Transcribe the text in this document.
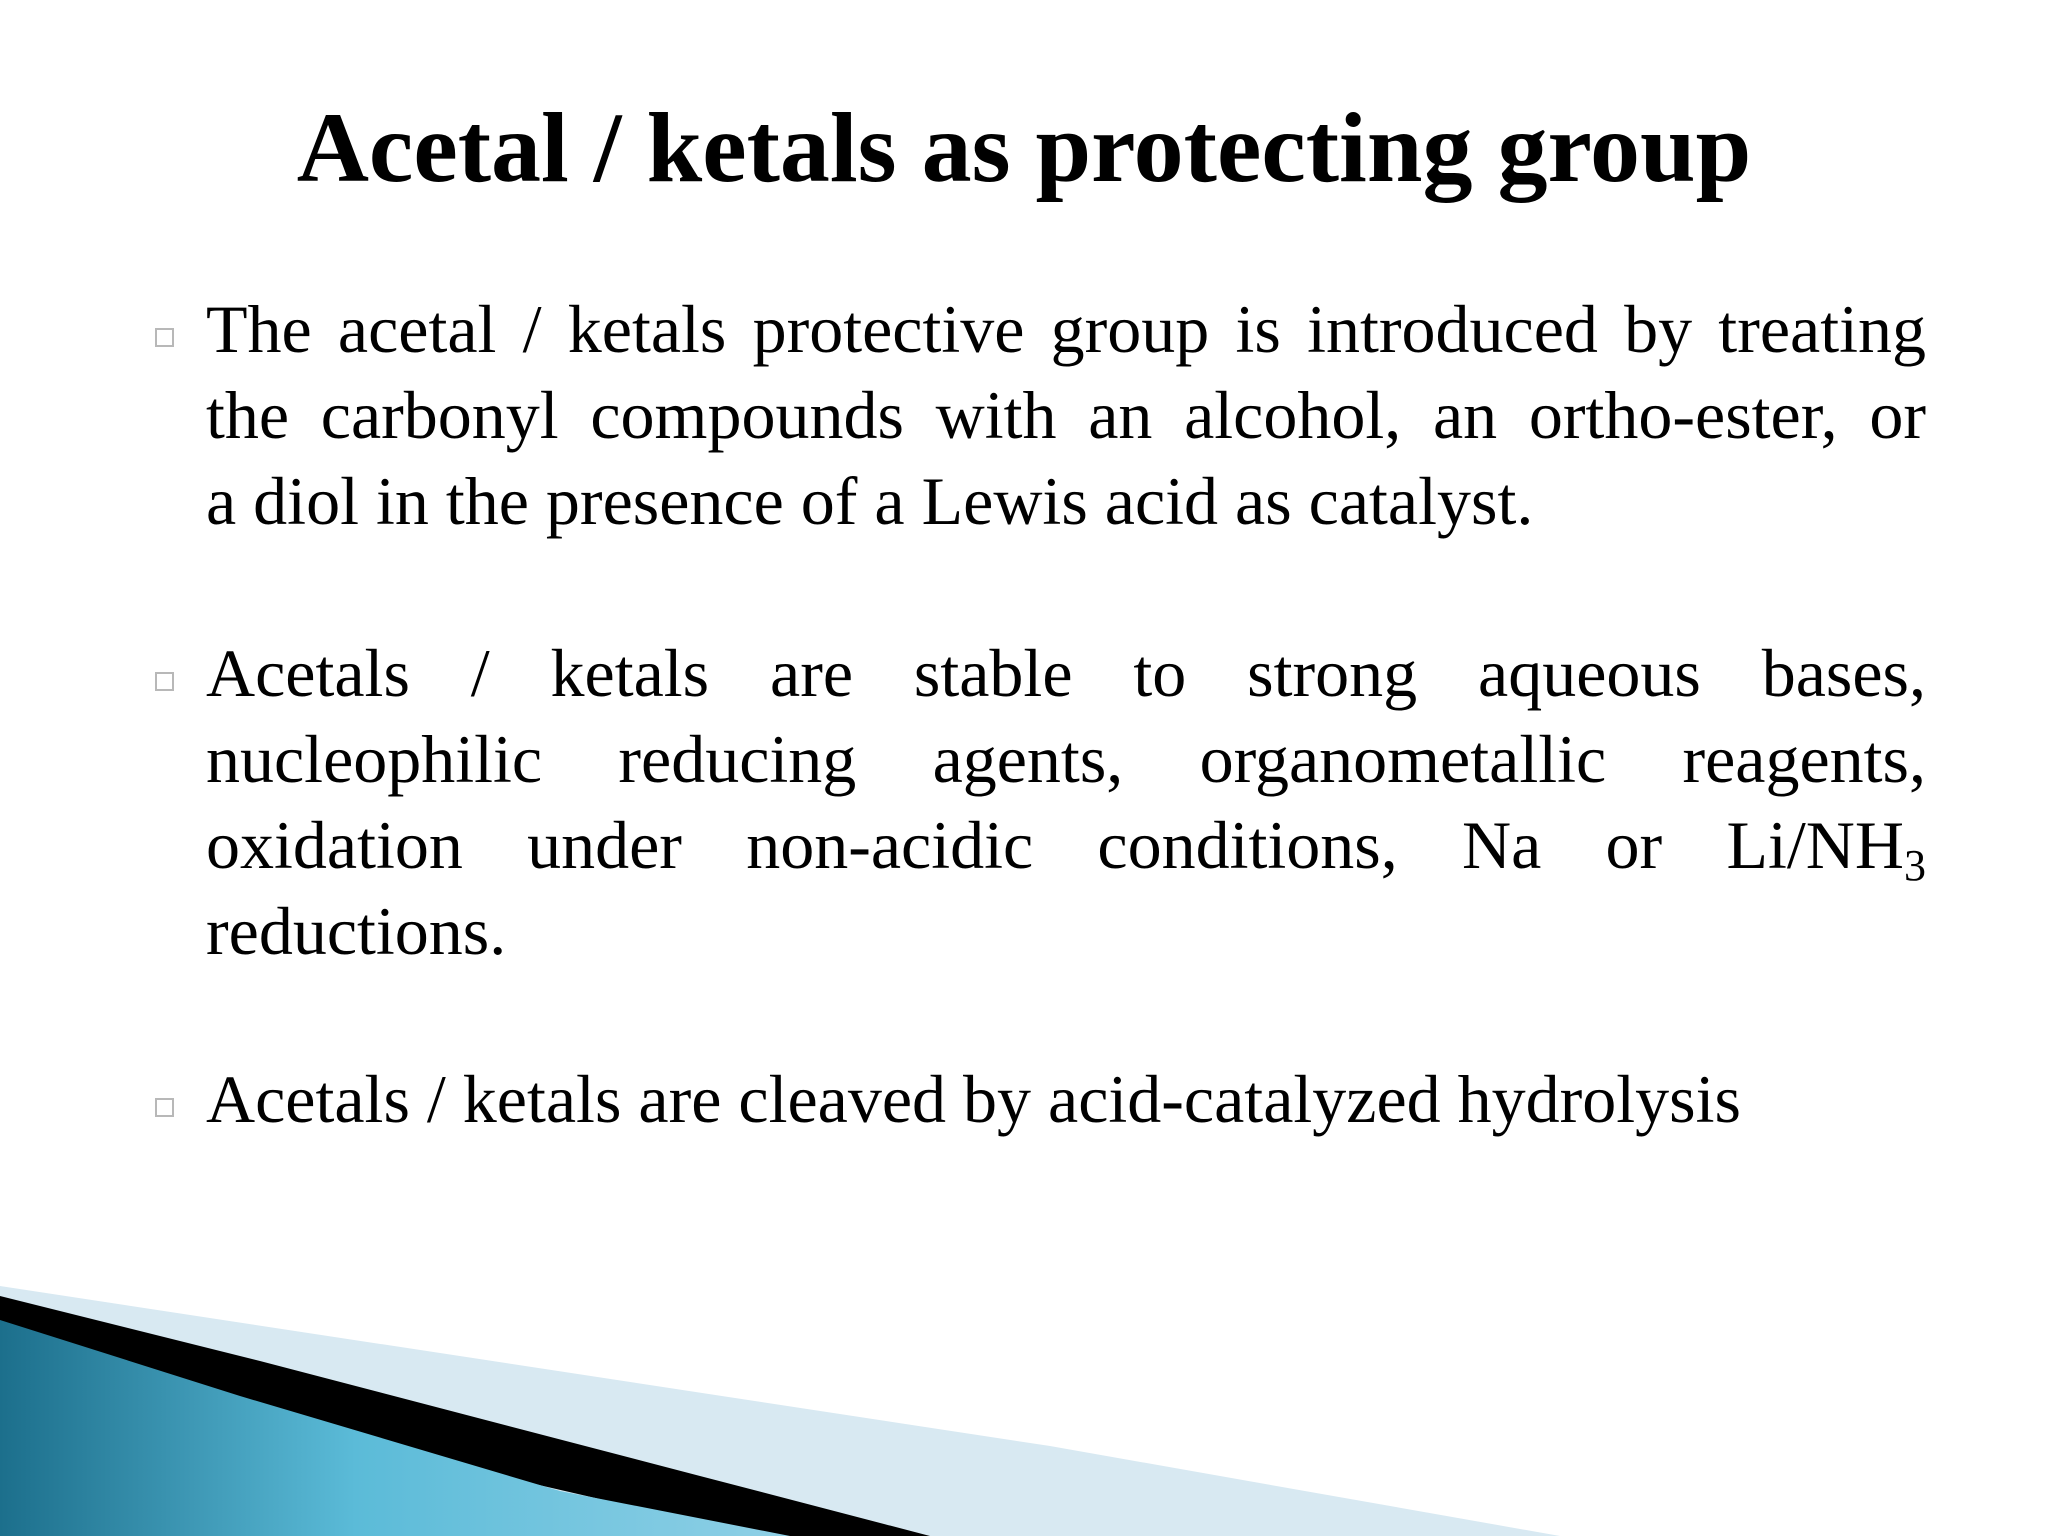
Acetal / ketals as protecting group
The acetal / ketals protective group is introduced by treating
the carbonyl compounds with an alcohol, an ortho-ester, or
a diol in the presence of a Lewis acid as catalyst.
Acetals / ketals are stable to strong aqueous bases,
nucleophilic reducing agents, organometallic reagents,
oxidation under non-acidic conditions, Na or $Li/NH_3$
reductions.
Acetals / ketals are cleaved by acid-catalyzed hydrolysis
